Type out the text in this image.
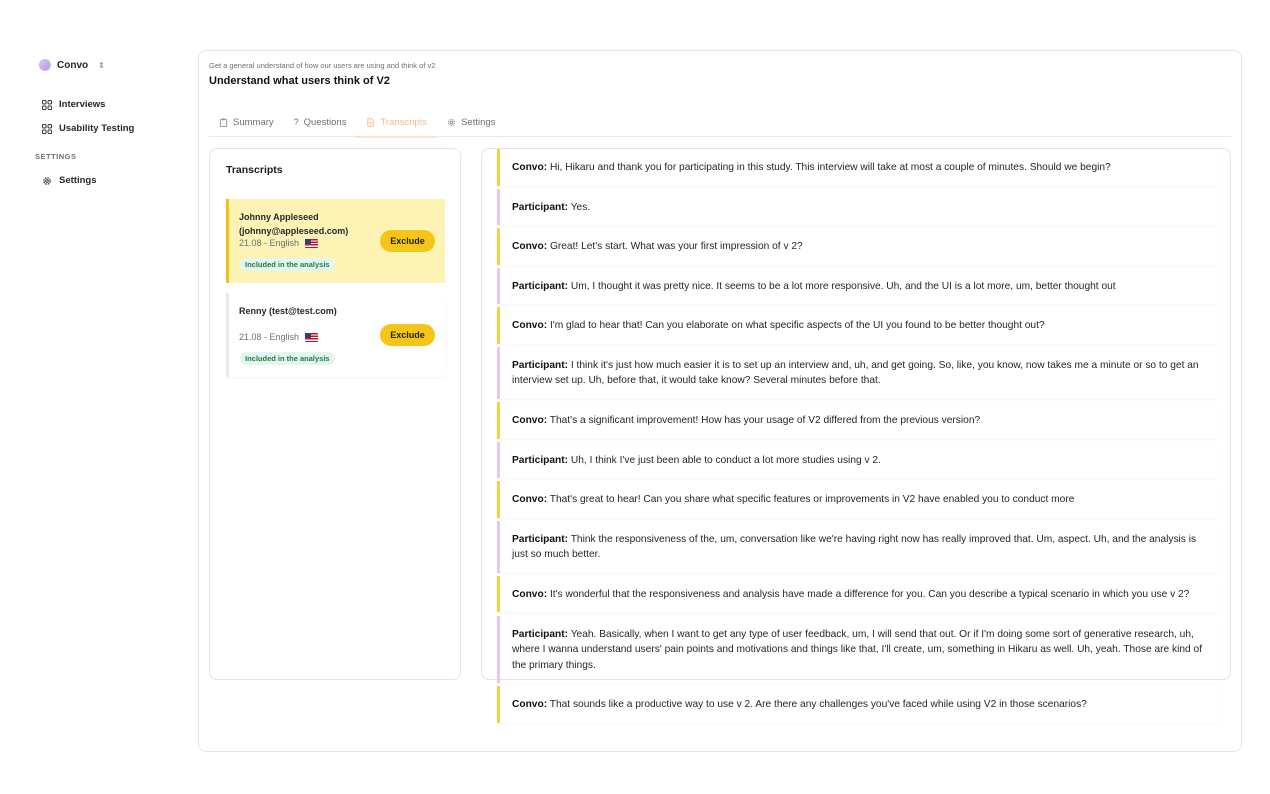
Convo ⇕
Interviews
Usability Testing
SETTINGS
Settings
Get a general understand of how our users are using and think of v2
Understand what users think of V2
Summary ? Questions	Transcripts	Settings
Transcripts
Johnny Appleseed (johnny@appleseed.com)
21.08 - English
Included in the analysis
Exclude
Renny (test@test.com)
21.08 - English
Included in the analysis
Exclude
Convo: Hi, Hikaru and thank you for participating in this study. This interview will take at most a couple of minutes. Should we begin?
Participant: Yes.
Convo: Great! Let's start. What was your first impression of v 2?
Participant: Um, I thought it was pretty nice. It seems to be a lot more responsive. Uh, and the UI is a lot more, um, better thought out
Convo: I'm glad to hear that! Can you elaborate on what specific aspects of the UI you found to be better thought out?
Participant: I think it's just how much easier it is to set up an interview and, uh, and get going. So, like, you know, now takes me a minute or so to get an interview set up. Uh, before that, it would take know? Several minutes before that.
Convo: That's a significant improvement! How has your usage of V2 differed from the previous version?
Participant: Uh, I think I've just been able to conduct a lot more studies using v 2.
Convo: That's great to hear! Can you share what specific features or improvements in V2 have enabled you to conduct more
Participant: Think the responsiveness of the, um, conversation like we're having right now has really improved that. Um, aspect. Uh, and the analysis is just so much better.
Convo: It's wonderful that the responsiveness and analysis have made a difference for you. Can you describe a typical scenario in which you use v 2?
Participant: Yeah. Basically, when I want to get any type of user feedback, um, I will send that out. Or if I'm doing some sort of generative research, uh, where I wanna understand users' pain points and motivations and things like that, I'll create, um, something in Hikaru as well. Uh, yeah. Those are kind of the primary things.
Convo: That sounds like a productive way to use v 2. Are there any challenges you've faced while using V2 in those scenarios?
